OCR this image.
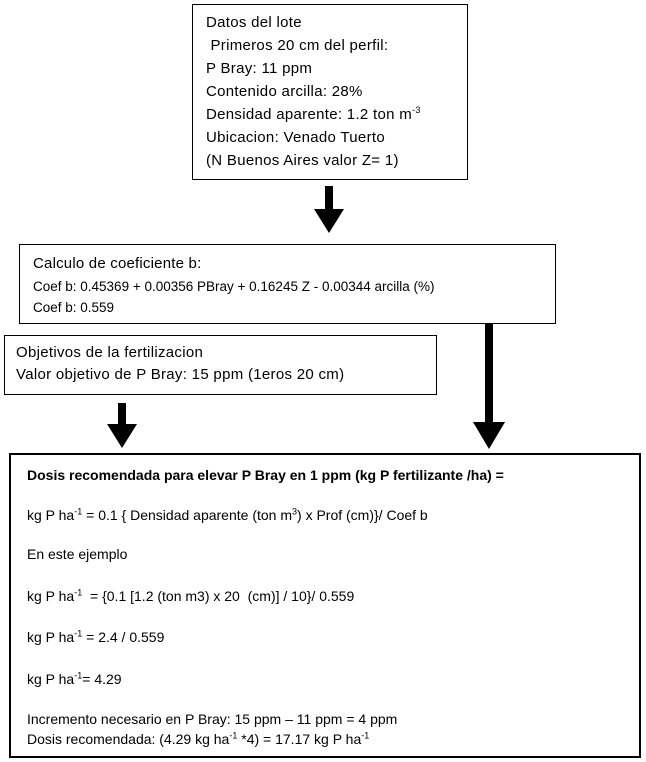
Datos del lote
Primeros 20 cm del perfil:
P Bray: 11 ppm
Contenido arcilla: 28%
Densidad aparente: 1.2 ton $m^{-3}$
Ubicacion: Venado Tuerto
(N Buenos Aires valor Z= 1)
Calculo de coeficiente b:
Coef b: 0.45369 + 0.00356 PBray + 0.16245 Z - 0.00344 arcilla (%)
Coef b: 0.559
Objetivos de la fertilizacion
Valor objetivo de P Bray: 15 ppm (1eros 20 cm)
Dosis recomendada para elevar P Bray en 1 ppm (kg P fertilizante /ha) =
kg P $ha^{-1} = 0.1$ { Densidad aparente (ton $m^3$) x Prof (cm)}/ Coef b
En este ejemplo
kg P $ha^{-1} = \{0.1$ [1.2 (ton m3) x 20  (cm)] / 10}/ 0.559
kg P $ha^{-1} = 2.4 / 0.559$
kg P $ha^{-1}= 4.29$
Incremento necesario en P Bray: 15 ppm – 11 ppm = 4 ppm
Dosis recomendada: (4.29 kg $ha^{-1}$ *4) = 17.17 kg P $ha^{-1}$
